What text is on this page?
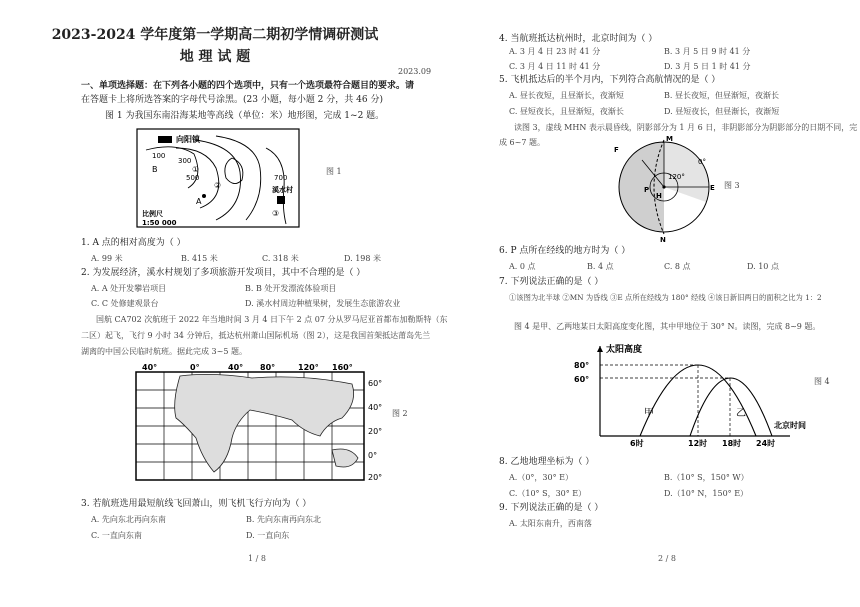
2023-2024 学年度第一学期高二期初学情调研测试
地 理 试 题
2023.09
一、单项选择题：在下列各小题的四个选项中，只有一个选项最符合题目的要求。请
在答题卡上将所选答案的字母代号涂黑。(23 小题，每小题 2 分，共 46 分)
图 1 为我国东南沿海某地等高线（单位：米）地形图，完成 1~2 题。
向阳镇
100
300
500	700
B
A
①
②
③
溪水村
比例尺
1:50 000
图 1
1. A 点的相对高度为（ ）
A. 99 米	B. 415 米	C. 318 米	D. 198 米
2. 为发展经济，溪水村规划了多项旅游开发项目，其中不合理的是（ ）
A. A 处开发攀岩项目	B. B 处开发漂流体验项目
C. C 处修建观景台	D. 溪水村周边种植果树，发展生态旅游农业
国航 CA702 次航班于 2022 年当地时间 3 月 4 日下午 2 点 07 分从罗马尼亚首都布加勒斯特（东
二区）起飞，飞行 9 小时 34 分钟后，抵达杭州萧山国际机场（图 2），这是我国首架抵达莆岛先兰
湖离的中国公民临时航班。据此完成 3~5 题。
40°	0°	40° 80°	120° 160°
60°
40°
20°
0°
20°
图 2
3. 若航班选用最短航线飞回萧山，则飞机飞行方向为（ ）
A. 先向东北再向东南	B. 先向东南再向东北
C. 一直向东南	D. 一直向东
1 / 8
4. 当航班抵达杭州时，北京时间为（ ）
A. 3 月 4 日 23 时 41 分	B. 3 月 5 日 9 时 41 分
C. 3 月 4 日 11 时 41 分	D. 3 月 5 日 1 时 41 分
5. 飞机抵达后的半个月内，下列符合高航情况的是（ ）
A. 昼长夜短，且昼渐长，夜渐短	B. 昼长夜短，但昼渐短，夜渐长
C. 昼短夜长，且昼渐短，夜渐长	D. 昼短夜长，但昼渐长，夜渐短
读图 3，虚线 MHN 表示晨昏线，阴影部分为 1 月 6 日，非阴影部分为阴影部分的日期不同，完
成 6~7 题。	M
F
P
H
E
N
0°
120°
图 3
6. P 点所在经线的地方时为（ ）
A. 0 点	B. 4 点	C. 8 点	D. 10 点
7. 下列说法正确的是（ ）
①该图为北半球 ②MN 为昏线 ③E 点所在经线为 180° 经线 ④该日新旧两日的面积之比为 1：2
图 4 是甲、乙两地某日太阳高度变化图，其中甲地位于 30° N。读图，完成 8~9 题。
太阳高度
80°
60°
甲	乙
6时	12时 18时 24时
北京时间
图 4
8. 乙地地理坐标为（ ）
A.（0°，30° E）	B.（10° S，150° W）
C.（10° S，30° E）	D.（10° N，150° E）
9. 下列说法正确的是（ ）
A. 太阳东南升，西南落
2 / 8
